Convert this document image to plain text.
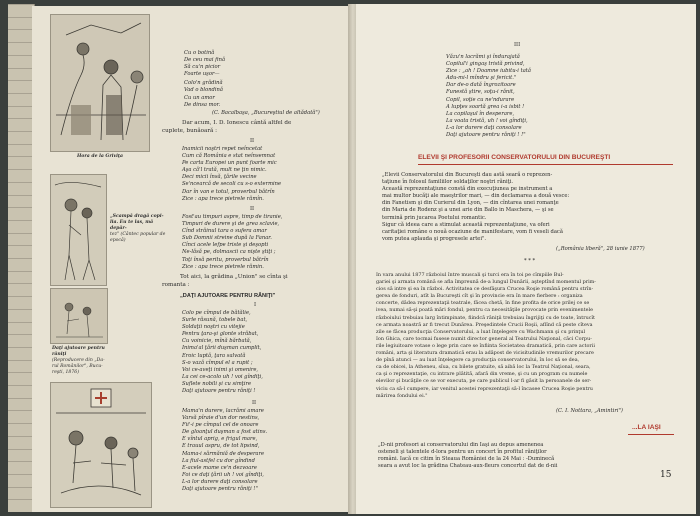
Hora de la Griviţa
„Scampă dragă copi-
lia. Eu te las, mă depăr-
tez" (Cântec popular de
epocă)
Daţi ajutoare pentru
răniţi
(Reproducere din „Da-
rul Românilor", Bucu-
reşti, 1876)
Cu o botină
De ceu mai fină
Să cu'n picior
Foarte uşor—
Colo'n grădină
Vad o blondină
Cu un amor
De dinsa mor.
(C. Bacalbaşa, „Bucureştiul de altădată")
Dar acum, I. D. Ionescu cântă altfel de
cuplete, bunăoară :
II
Inamicii noştri repet neîncetat
Cum că România e stat neînsemnat
Pe carta Europei un punt foarte mic
Aşa că'l trată, mult ne ţin nimic.
Deci micii însă, ţările vecine
Se'ncearcă de secoli cu s-o extermine
Dar în van e totul, proverbul bătrîn
Zice : apa trece pietrele rămîn.
II
Fost'au timpuri aspre, timp de tiranie,
Timpuri de durere şi de grea sclavie,
Cînd străinul tara o sufera amar
Sub Domnii streine după la Fanar.
Cînci acele lefpe triste şi deşopti
Ne-lăsă pe, dolmascii ca nişte ştiţi ;
Toţi însă peritu, proverbul bătrîn
Zice : apa trece pietrele rămin.
Tot aici, la grădina „Union" se cînta şi
romanta :
„DAŢI AJUTOARE PENTRU RĂNIŢI"
I
Colo pe cîmpul de bătălie,
Surle răsună, tobele bat,
Soldaţii noştri cu vitejie
Pentru ţara-şi glonte străbat,
Cu voinicie, mînă bărbată,
Inima'al ţării duşman cumplit,
Eroic luptă, ţara salvată
S-o vază cîmpul el a rupit ;
Voi ce-aveţi inimi şi omenire,
La cei ce-acolo uh ! voi gîndiţi,
Suflete nobili şi cu simţire
Daţi ajutoare pentru răniţi !
II
Mama'n durere, lacrămi amare
Varsă pîraie d'un dor nestins,
Fii'-i pe cîmpul cel de onoare
De gloanţul duşman a fost atins.
E vîntul aprig, e frigul mare,
E trauul aspru, de tot lipsind,
Mama-i sărmăniă de desperare
La fiul-astfel cu dor gîndind
E-acele mame ce'n dezvoare
Foi ce daţi ţării uh ! voi gîndiţi,
L-a lor durere daţi consolare
Daţi ajutoare pentru răniţi !"
III
Văzu'n lacrămi şi îndurajată
Copilul'i gingaş tristă privind,
Zice : „ah ! Doamne iubitu-i tată
Adu-mi-l mîndru şi fericit."
Dar de-o dată îngrozitoare
Funestă ştire, soţu-i rănit,
Copil, soţie cu ne'ndurare
A lupţes soartă grea i-a isbit !
La copilaşul în desperare,
La voata tristă, uh ! voi gîndiţi,
L-a lor durere daţi consolare
Daţi ajutoare pentru răniţi ! !"
ELEVII ŞI PROFESORII CONSERVATORULUI DIN BUCUREŞTI
„Elevii Conservatorului din Bucureşti dau astă seară o reprezen-
taţiune în folosul familiilor soldaţilor noştri răniţi.
Această reprezentaţiune constă din execuţiunea pe instrument a
mai multor bucăţi ale maeştrilor mari, — din declamarea a două vesce:
din Fanetism şi din Curierul din Lyon, — din cîntarea unei romanţe
din Maria de Rodenz şi a unei arie din Ballo in Maschera, — şi se
termină prin jucarea Poetului romantic.
Sigur că ideea care a stimulat această reprezentaţiune, va oferi
caritaţiei române o nouă ocaziune de manifestare, vom fi veseli dacă
vom putea aplauda şi progresele artei".
(„România liberă", 28 iunie 1877)
* * *
In vara anului 1877 războiul între muscali şi turci era în toi pe cîmpiile Bul-
gariei şi armata română se afla împreună de-a lungul Dunării, aşteptînd momentul prim-
cios să intre şi ea în război. Activitatea ce desfăşura Crucea Roşie română pentru strîn-
gerea de fonduri, atît la Bucureşti cît şi în provincie era în mare fierbere : organiza
concerte, dădea reprezentaţii teatrale, făcea chetă, în fine profita de orice prilej ce se
ivea, numai să-şi poată mări fondul, pentru ca necesităţile provocate prin evenimentele
războiului trebuiau larg întimpinate, fiindcă răniţii trebuiau îngrijiţi cu de toate, întrucît
ce armata noastră ar fi trecut Dunărea. Preşedintele Crucii Roşii, aflînd că peste cîteva
zile se făcea producţia Conservatorului, a luat înţelegere cu Wachmann şi cu prinţul
Ion Ghica, care tocmai fusese numit director general al Teatrului Naţional, căci Corpu-
rile legiuitoare votase o lege prin care se înfiinta Societatea dramatică, prin care actorii
români, arta şi literatura dramatică erau la adăpost de vicisitudinile vremurilor precare
de pînă atunci — au luat înţelegere ca producţia conservatorului, în loc să se dea,
ca de obicei, la Atheneu, sîua, cu bilete gratuite, să aibă loc la Teatrul Naţional, seara,
ca şi o reprezentaţie, cu intrare plătită, afară din vreme, şi cu un program cu numele
elevilor şi bucăţile ce se vor executa, pe care publicul l-ar fi găsit la persoanele de ser-
viciu ca să-l cumpere, iar venitul acestei reprezentaţii să-l încasee Crucea Roşie pentru
mărirea fondului ei."
(C. I. Nottara, „Amintiri")
...LA IAŞI
„D-nii profesori ai conservatorului din Iaşi au depus amenenea
osteneli şi talentele d-lora pentru un concert în profitul răniţilor
români. Iacă ce citim în Steaua României de la 24 Mai : -Duminecă
seara a avut loc la grădina Chateau-aux-fleurs concertul dat de d-nii
15
